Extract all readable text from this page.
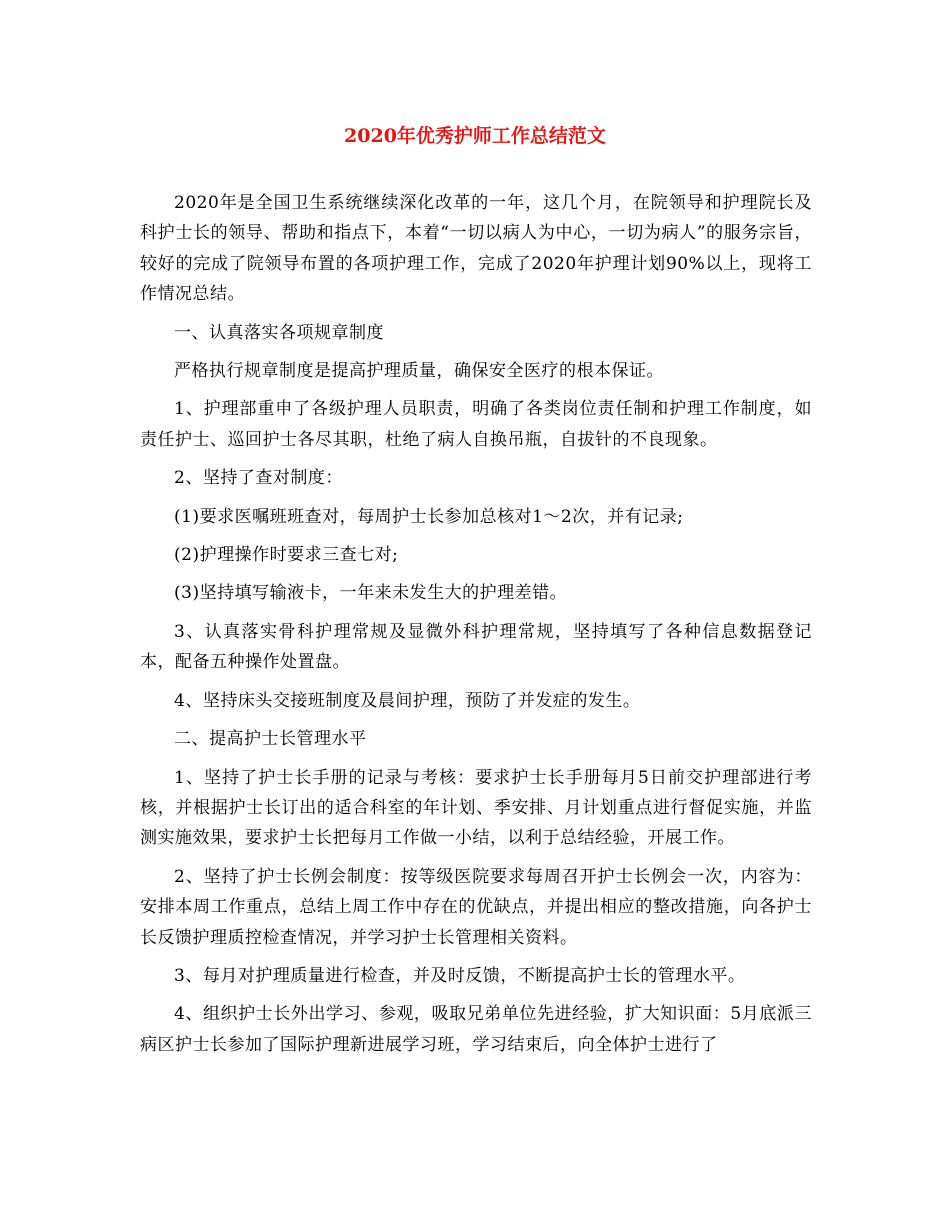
2020年优秀护师工作总结范文

2020年是全国卫生系统继续深化改革的一年，这几个月，在院领导和护理院长及科护士长的领导、帮助和指点下，本着“一切以病人为中心，一切为病人”的服务宗旨，较好的完成了院领导布置的各项护理工作，完成了2020年护理计划90%以上，现将工作情况总结。

一、认真落实各项规章制度

严格执行规章制度是提高护理质量，确保安全医疗的根本保证。

1、护理部重申了各级护理人员职责，明确了各类岗位责任制和护理工作制度，如责任护士、巡回护士各尽其职，杜绝了病人自换吊瓶，自拔针的不良现象。

2、坚持了查对制度：

(1)要求医嘱班班查对，每周护士长参加总核对1～2次，并有记录;

(2)护理操作时要求三查七对;

(3)坚持填写输液卡，一年来未发生大的护理差错。

3、认真落实骨科护理常规及显微外科护理常规，坚持填写了各种信息数据登记本，配备五种操作处置盘。

4、坚持床头交接班制度及晨间护理，预防了并发症的发生。

二、提高护士长管理水平

1、坚持了护士长手册的记录与考核：要求护士长手册每月5日前交护理部进行考核，并根据护士长订出的适合科室的年计划、季安排、月计划重点进行督促实施，并监测实施效果，要求护士长把每月工作做一小结，以利于总结经验，开展工作。

2、坚持了护士长例会制度：按等级医院要求每周召开护士长例会一次，内容为：安排本周工作重点，总结上周工作中存在的优缺点，并提出相应的整改措施，向各护士长反馈护理质控检查情况，并学习护士长管理相关资料。

3、每月对护理质量进行检查，并及时反馈，不断提高护士长的管理水平。

4、组织护士长外出学习、参观，吸取兄弟单位先进经验，扩大知识面：5月底派三病区护士长参加了国际护理新进展学习班，学习结束后，向全体护士进行了
